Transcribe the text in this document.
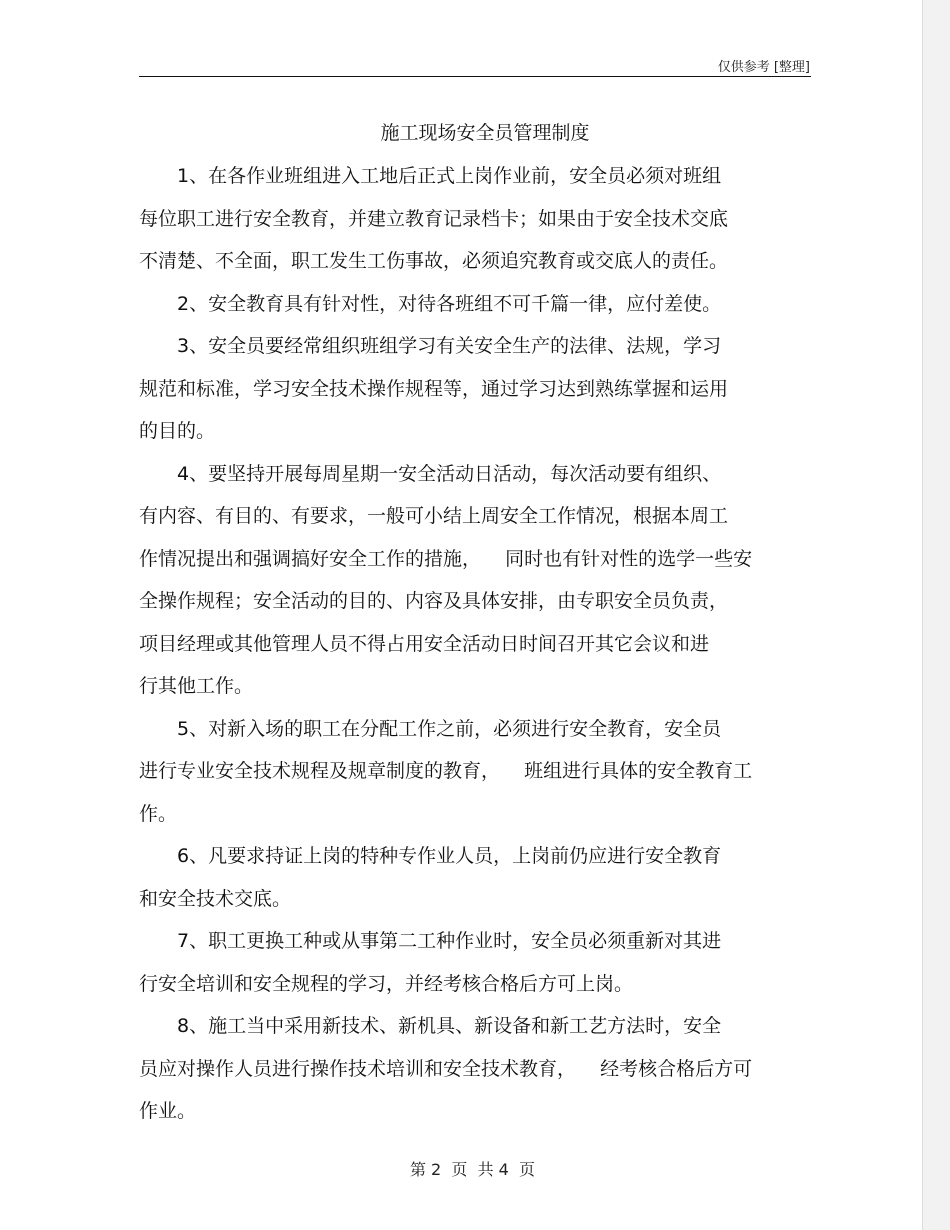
仅供参考 [整理]
施工现场安全员管理制度

1、在各作业班组进入工地后正式上岗作业前，安全员必须对班组
每位职工进行安全教育，并建立教育记录档卡；如果由于安全技术交底
不清楚、不全面，职工发生工伤事故，必须追究教育或交底人的责任。

2、安全教育具有针对性，对待各班组不可千篇一律，应付差使。

3、安全员要经常组织班组学习有关安全生产的法律、法规，学习
规范和标准，学习安全技术操作规程等，通过学习达到熟练掌握和运用
的目的。

4、要坚持开展每周星期一安全活动日活动，每次活动要有组织、
有内容、有目的、有要求，一般可小结上周安全工作情况，根据本周工
作情况提出和强调搞好安全工作的措施，    同时也有针对性的选学一些安
全操作规程；安全活动的目的、内容及具体安排，由专职安全员负责，
项目经理或其他管理人员不得占用安全活动日时间召开其它会议和进
行其他工作。

5、对新入场的职工在分配工作之前，必须进行安全教育，安全员
进行专业安全技术规程及规章制度的教育，    班组进行具体的安全教育工
作。

6、凡要求持证上岗的特种专作业人员，上岗前仍应进行安全教育
和安全技术交底。

7、职工更换工种或从事第二工种作业时，安全员必须重新对其进
行安全培训和安全规程的学习，并经考核合格后方可上岗。

8、施工当中采用新技术、新机具、新设备和新工艺方法时，安全
员应对操作人员进行操作技术培训和安全技术教育，    经考核合格后方可
作业。

第 2  页  共 4  页
